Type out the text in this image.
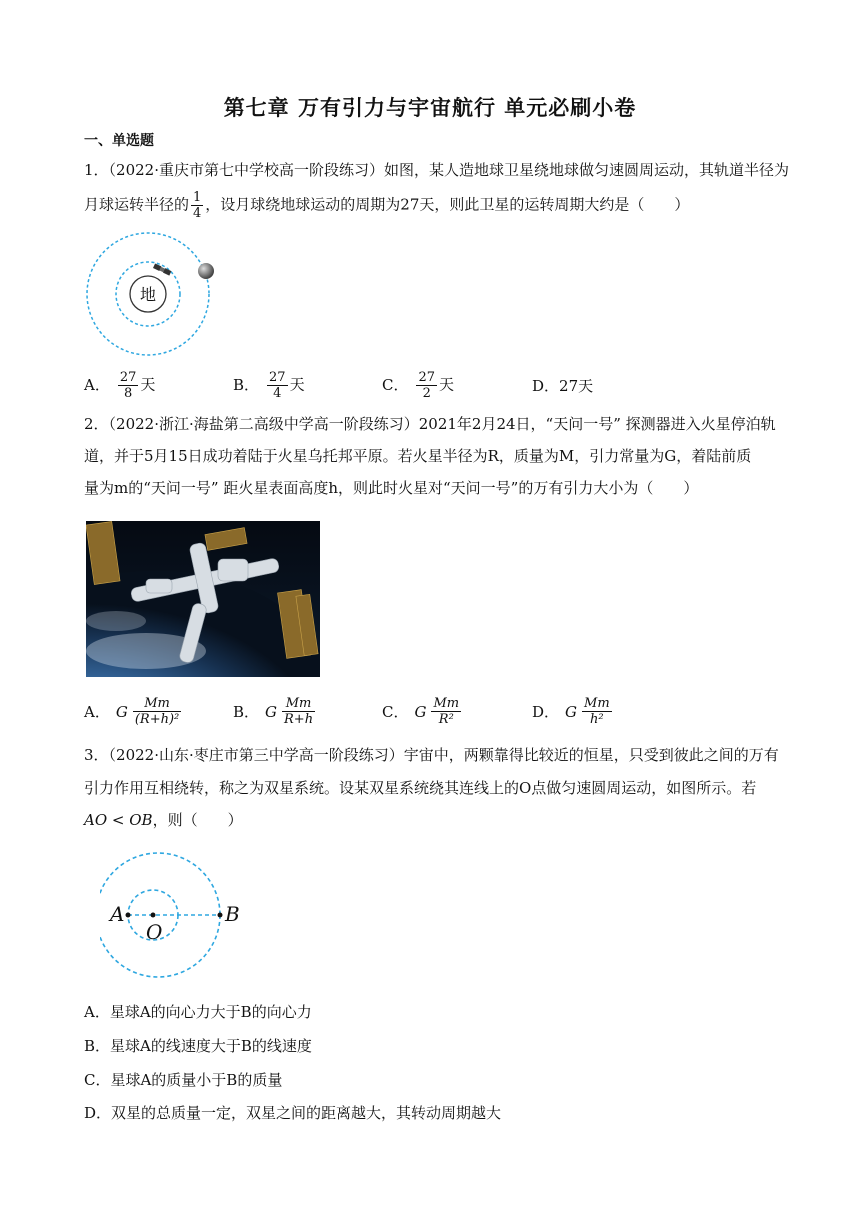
第七章 万有引力与宇宙航行 单元必刷小卷
一、单选题
1．（2022·重庆市第七中学校高一阶段练习）如图，某人造地球卫星绕地球做匀速圆周运动，其轨道半径为
月球运转半径的 $\frac{1}{4}$ ，设月球绕地球运动的周期为27天，则此卫星的运转周期大约是（　　）
地
A． $\frac{27}{8}$ 天	B． $\frac{27}{4}$ 天	C． $\frac{27}{2}$ 天	D．27天
2．（2022·浙江·海盐第二高级中学高一阶段练习）2021年2月24日，“天问一号” 探测器进入火星停泊轨
道，并于5月15日成功着陆于火星乌托邦平原。若火星半径为R，质量为M，引力常量为G，着陆前质
量为m的“天问一号” 距火星表面高度h，则此时火星对“天问一号”的万有引力大小为（　　）
A． G $\frac{Mm}{\text{(R+h)²}}$	B． G $\frac{Mm}{R+h}$	C． G $\frac{Mm}{\text{R²}}$	D． G $\frac{Mm}{\text{h²}}$
3．（2022·山东·枣庄市第三中学高一阶段练习）宇宙中，两颗靠得比较近的恒星，只受到彼此之间的万有
引力作用互相绕转，称之为双星系统。设某双星系统绕其连线上的O点做匀速圆周运动，如图所示。若
AO < OB，则（　　）
A
O
B
A．星球A的向心力大于B的向心力
B．星球A的线速度大于B的线速度
C．星球A的质量小于B的质量
D．双星的总质量一定，双星之间的距离越大，其转动周期越大
